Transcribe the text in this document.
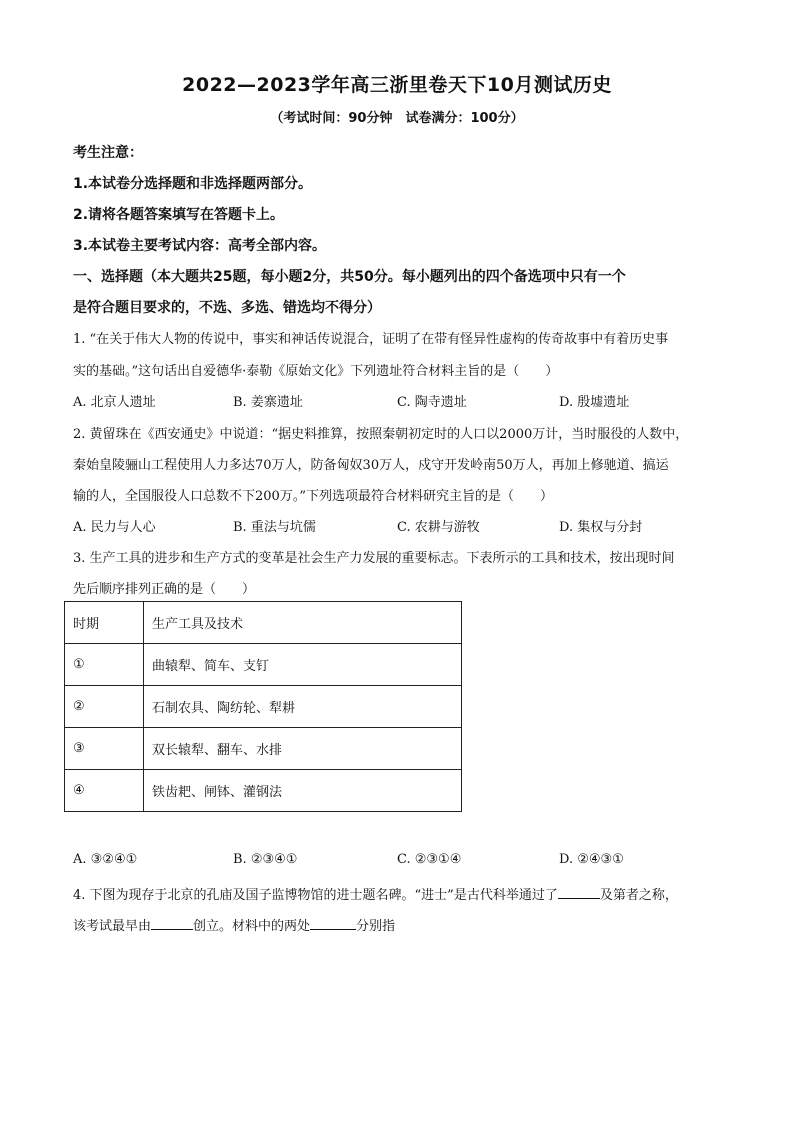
2022—2023学年高三浙里卷天下10月测试历史
（考试时间：90分钟　试卷满分：100分）
考生注意：
1.本试卷分选择题和非选择题两部分。
2.请将各题答案填写在答题卡上。
3.本试卷主要考试内容：高考全部内容。
一、选择题（本大题共25题，每小题2分，共50分。每小题列出的四个备选项中只有一个
是符合题目要求的，不选、多选、错选均不得分）
1. “在关于伟大人物的传说中，事实和神话传说混合，证明了在带有怪异性虚构的传奇故事中有着历史事
实的基础。”这句话出自爱德华·泰勒《原始文化》下列遗址符合材料主旨的是（　　）
A. 北京人遗址	B. 姜寨遗址	C. 陶寺遗址	D. 殷墟遗址
2. 黄留珠在《西安通史》中说道：“据史料推算，按照秦朝初定时的人口以2000万计，当时服役的人数中，
秦始皇陵骊山工程使用人力多达70万人，防备匈奴30万人，戍守开发岭南50万人，再加上修驰道、搞运
输的人，全国服役人口总数不下200万。”下列选项最符合材料研究主旨的是（　　）
A. 民力与人心	B. 重法与坑儒	C. 农耕与游牧	D. 集权与分封
3. 生产工具的进步和生产方式的变革是社会生产力发展的重要标志。下表所示的工具和技术，按出现时间
先后顺序排列正确的是（　　）
时期	生产工具及技术
①	曲辕犁、简车、支钉
②	石制农具、陶纺轮、犁耕
③	双长辕犁、翻车、水排
④	铁齿耙、闸钵、灌钢法
A. ③②④①	B. ②③④①	C. ②③①④	D. ②④③①
4. 下图为现存于北京的孔庙及国子监博物馆的进士题名碑。“进士”是古代科举通过了	及第者之称，
该考试最早由	创立。材料中的两处	分别指
